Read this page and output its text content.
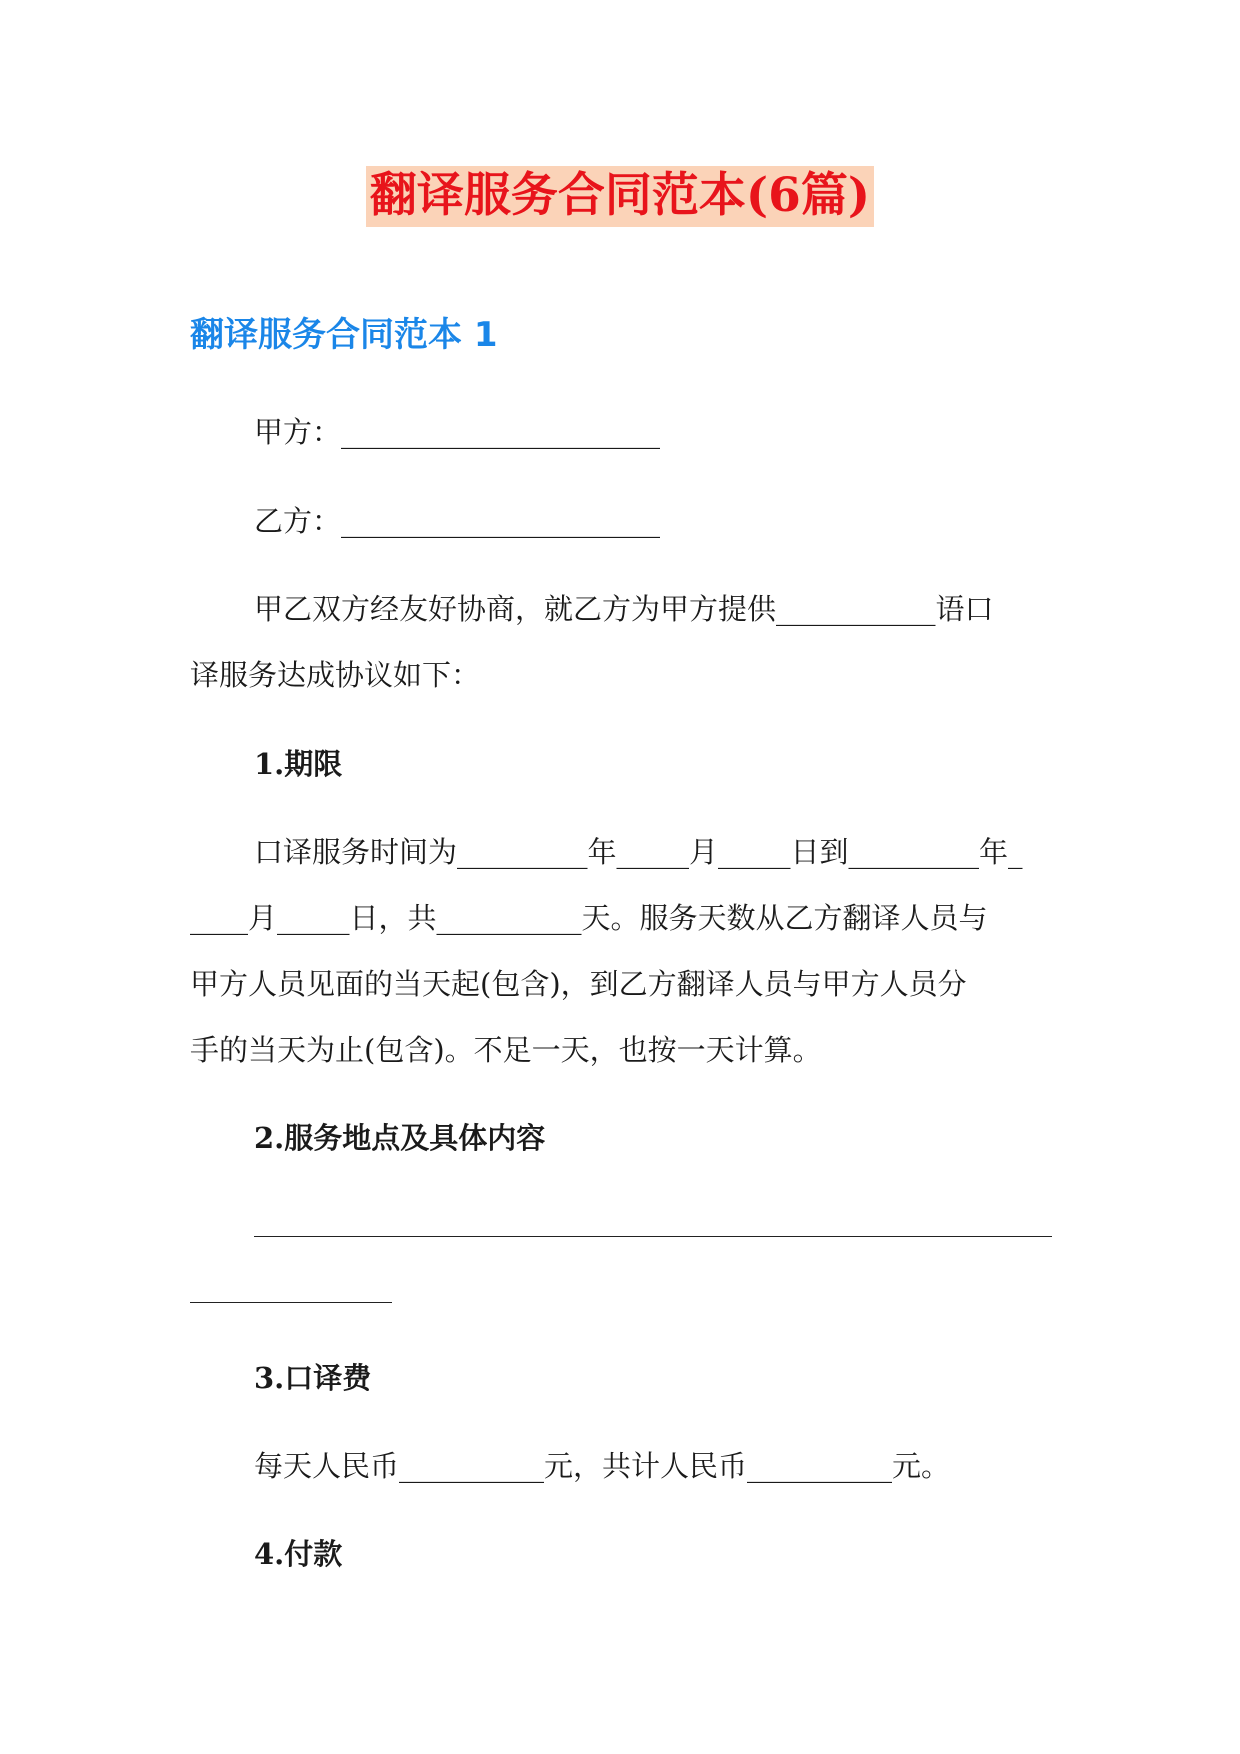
翻译服务合同范本(6篇)
翻译服务合同范本 1

甲方：______________________

乙方：______________________

甲乙双方经友好协商，就乙方为甲方提供___________语口

译服务达成协议如下：

1.期限

口译服务时间为_________年_____月_____日到_________年_

____月_____日，共__________天。服务天数从乙方翻译人员与

甲方人员见面的当天起(包含)，到乙方翻译人员与甲方人员分

手的当天为止(包含)。不足一天，也按一天计算。

2.服务地点及具体内容

3.口译费

每天人民币__________元，共计人民币__________元。

4.付款
